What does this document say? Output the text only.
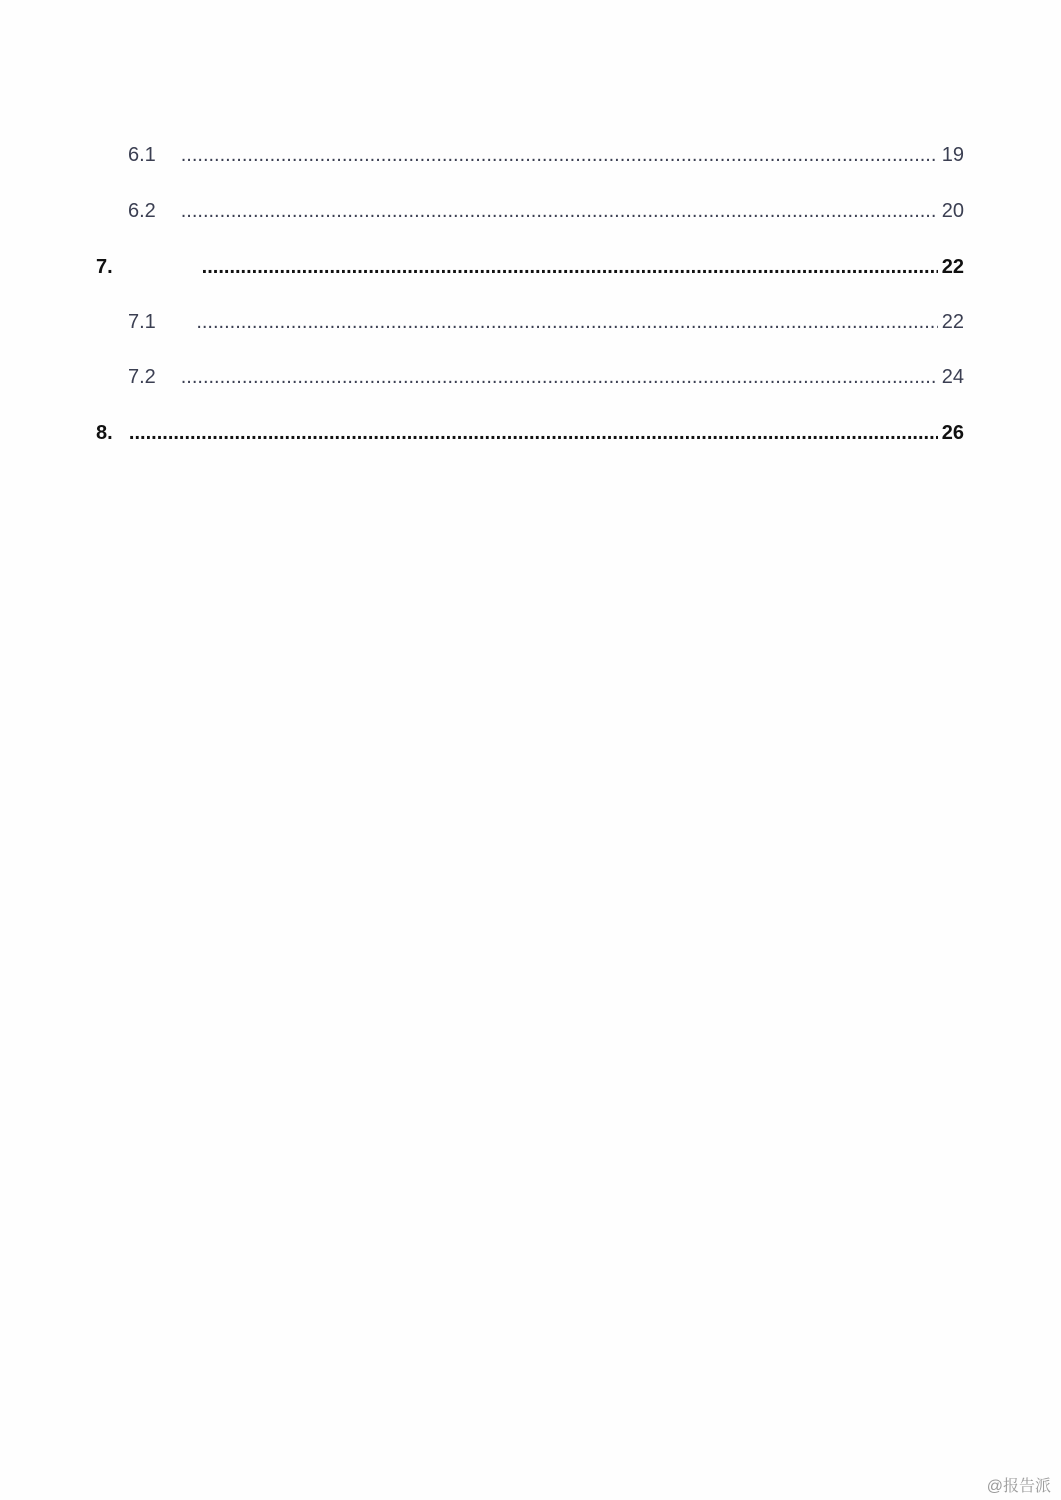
6.1 .....	19
6.2 .....	20
7. .....	22
7.1 .....	22
7.2 .....	24
8. .....	26
@报告派
